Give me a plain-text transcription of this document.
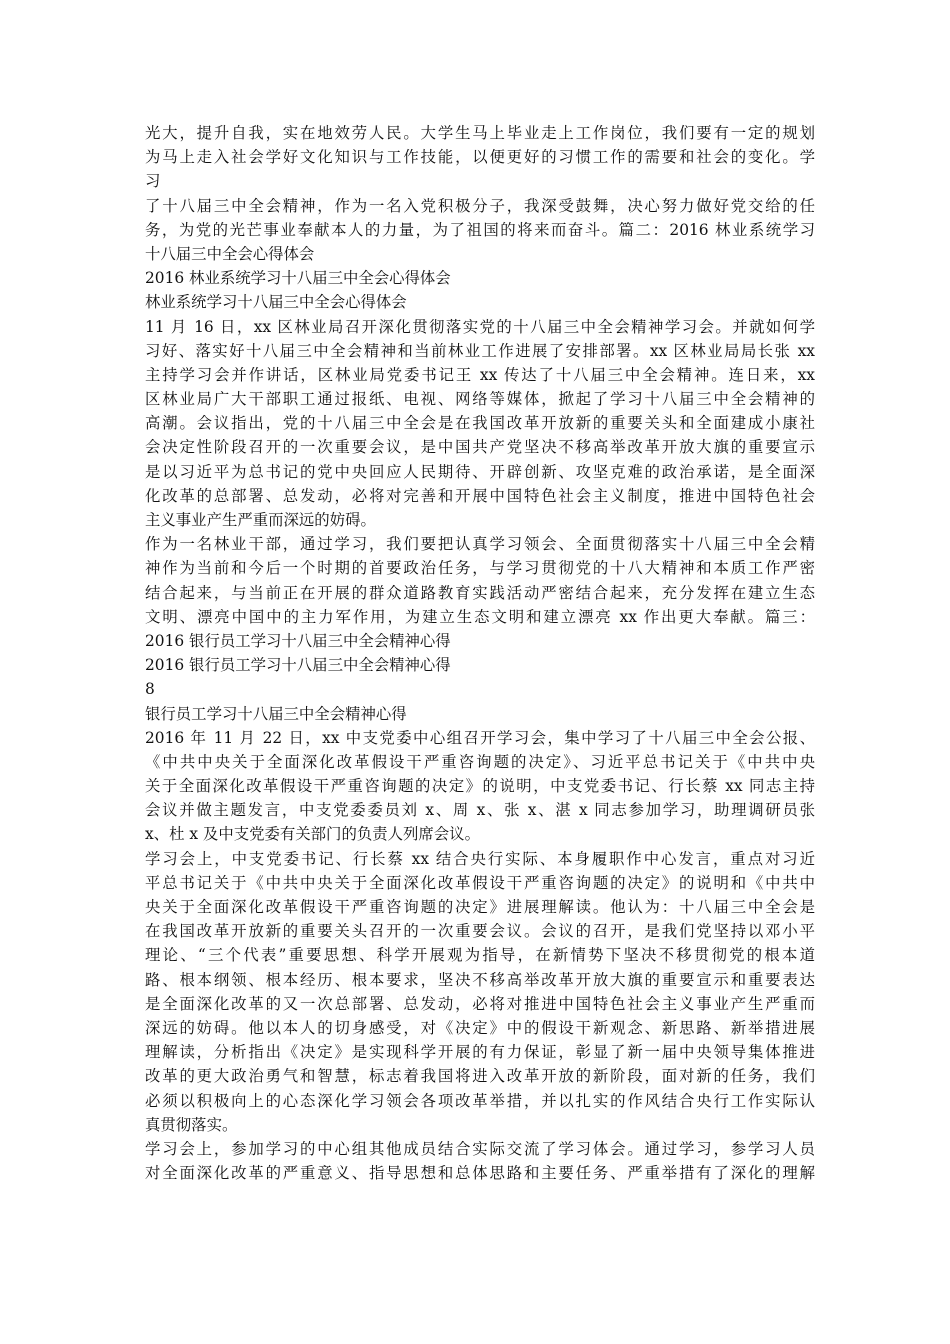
光大，提升自我，实在地效劳人民。大学生马上毕业走上工作岗位，我们要有一定的规划
为马上走入社会学好文化知识与工作技能，以便更好的习惯工作的需要和社会的变化。学
习
了十八届三中全会精神，作为一名入党积极分子，我深受鼓舞，决心努力做好党交给的任
务，为党的光芒事业奉献本人的力量，为了祖国的将来而奋斗。篇二：2016 林业系统学习
十八届三中全会心得体会
2016 林业系统学习十八届三中全会心得体会
林业系统学习十八届三中全会心得体会
11 月 16 日，xx 区林业局召开深化贯彻落实党的十八届三中全会精神学习会。并就如何学
习好、落实好十八届三中全会精神和当前林业工作进展了安排部署。xx 区林业局局长张 xx
主持学习会并作讲话，区林业局党委书记王 xx 传达了十八届三中全会精神。连日来，xx
区林业局广大干部职工通过报纸、电视、网络等媒体，掀起了学习十八届三中全会精神的
高潮。会议指出，党的十八届三中全会是在我国改革开放新的重要关头和全面建成小康社
会决定性阶段召开的一次重要会议，是中国共产党坚决不移高举改革开放大旗的重要宣示
是以习近平为总书记的党中央回应人民期待、开辟创新、攻坚克难的政治承诺，是全面深
化改革的总部署、总发动，必将对完善和开展中国特色社会主义制度，推进中国特色社会
主义事业产生严重而深远的妨碍。
作为一名林业干部，通过学习，我们要把认真学习领会、全面贯彻落实十八届三中全会精
神作为当前和今后一个时期的首要政治任务，与学习贯彻党的十八大精神和本质工作严密
结合起来，与当前正在开展的群众道路教育实践活动严密结合起来，充分发挥在建立生态
文明、漂亮中国中的主力军作用，为建立生态文明和建立漂亮 xx 作出更大奉献。篇三：
2016 银行员工学习十八届三中全会精神心得
2016 银行员工学习十八届三中全会精神心得
8
银行员工学习十八届三中全会精神心得
2016 年 11 月 22 日，xx 中支党委中心组召开学习会，集中学习了十八届三中全会公报、
《中共中央关于全面深化改革假设干严重咨询题的决定》、习近平总书记关于《中共中央
关于全面深化改革假设干严重咨询题的决定》的说明，中支党委书记、行长蔡 xx 同志主持
会议并做主题发言，中支党委委员刘 x、周 x、张 x、湛 x 同志参加学习，助理调研员张
x、杜 x 及中支党委有关部门的负责人列席会议。
学习会上，中支党委书记、行长蔡 xx 结合央行实际、本身履职作中心发言，重点对习近
平总书记关于《中共中央关于全面深化改革假设干严重咨询题的决定》的说明和《中共中
央关于全面深化改革假设干严重咨询题的决定》进展理解读。他认为：十八届三中全会是
在我国改革开放新的重要关头召开的一次重要会议。会议的召开，是我们党坚持以邓小平
理论、“三个代表”重要思想、科学开展观为指导，在新情势下坚决不移贯彻党的根本道
路、根本纲领、根本经历、根本要求，坚决不移高举改革开放大旗的重要宣示和重要表达
是全面深化改革的又一次总部署、总发动，必将对推进中国特色社会主义事业产生严重而
深远的妨碍。他以本人的切身感受，对《决定》中的假设干新观念、新思路、新举措进展
理解读，分析指出《决定》是实现科学开展的有力保证，彰显了新一届中央领导集体推进
改革的更大政治勇气和智慧，标志着我国将进入改革开放的新阶段，面对新的任务，我们
必须以积极向上的心态深化学习领会各项改革举措，并以扎实的作风结合央行工作实际认
真贯彻落实。
学习会上，参加学习的中心组其他成员结合实际交流了学习体会。通过学习，参学习人员
对全面深化改革的严重意义、指导思想和总体思路和主要任务、严重举措有了深化的理解
